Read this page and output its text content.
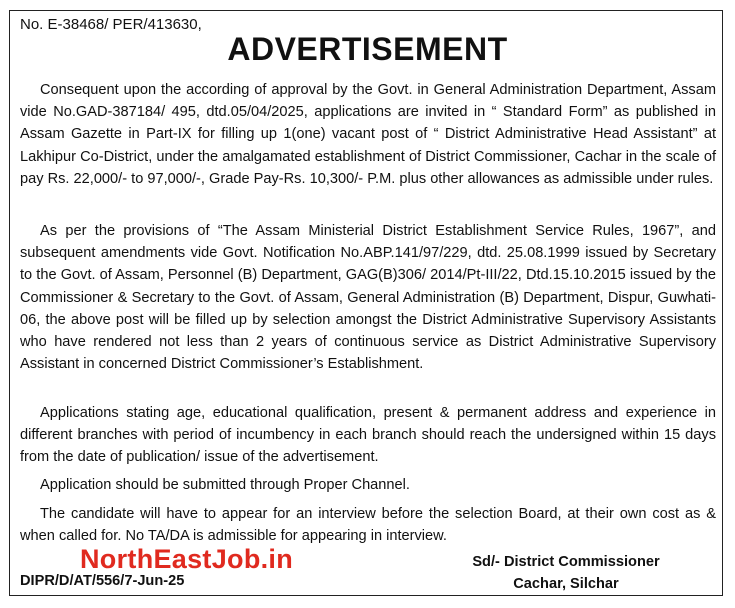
No. E-38468/ PER/413630,
ADVERTISEMENT

Consequent upon the according of approval by the Govt. in General Administration Department, Assam vide No.GAD-387184/ 495, dtd.05/04/2025, applications are invited in “ Standard Form” as published in Assam Gazette in Part-IX for filling up 1(one) vacant post of “ District Administrative Head Assistant” at Lakhipur Co-District, under the amalgamated establishment of District Commissioner, Cachar in the scale of pay Rs. 22,000/- to 97,000/-, Grade Pay-Rs. 10,300/- P.M. plus other allowances as admissible under rules.

As per the provisions of “The Assam Ministerial District Establishment Service Rules, 1967”, and subsequent amendments vide Govt. Notification No.ABP.141/97/229, dtd. 25.08.1999 issued by Secretary to the Govt. of Assam, Personnel (B) Department, GAG(B)306/ 2014/Pt-III/22, Dtd.15.10.2015 issued by the Commissioner & Secretary to the Govt. of Assam, General Administration (B) Department, Dispur, Guwhati-06, the above post will be filled up by selection amongst the District Administrative Supervisory Assistants who have rendered not less than 2 years of continuous service as District Administrative Supervisory Assistant in concerned District Commissioner’s Establishment.

Applications stating age, educational qualification, present & permanent address and experience in different branches with period of incumbency in each branch should reach the undersigned within 15 days from the date of publication/ issue of the advertisement.

Application should be submitted through Proper Channel.

The candidate will have to appear for an interview before the selection Board, at their own cost as & when called for. No TA/DA is admissible for appearing in interview.

NorthEastJob.in
DIPR/D/AT/556/7-Jun-25
Sd/- District Commissioner
Cachar, Silchar
